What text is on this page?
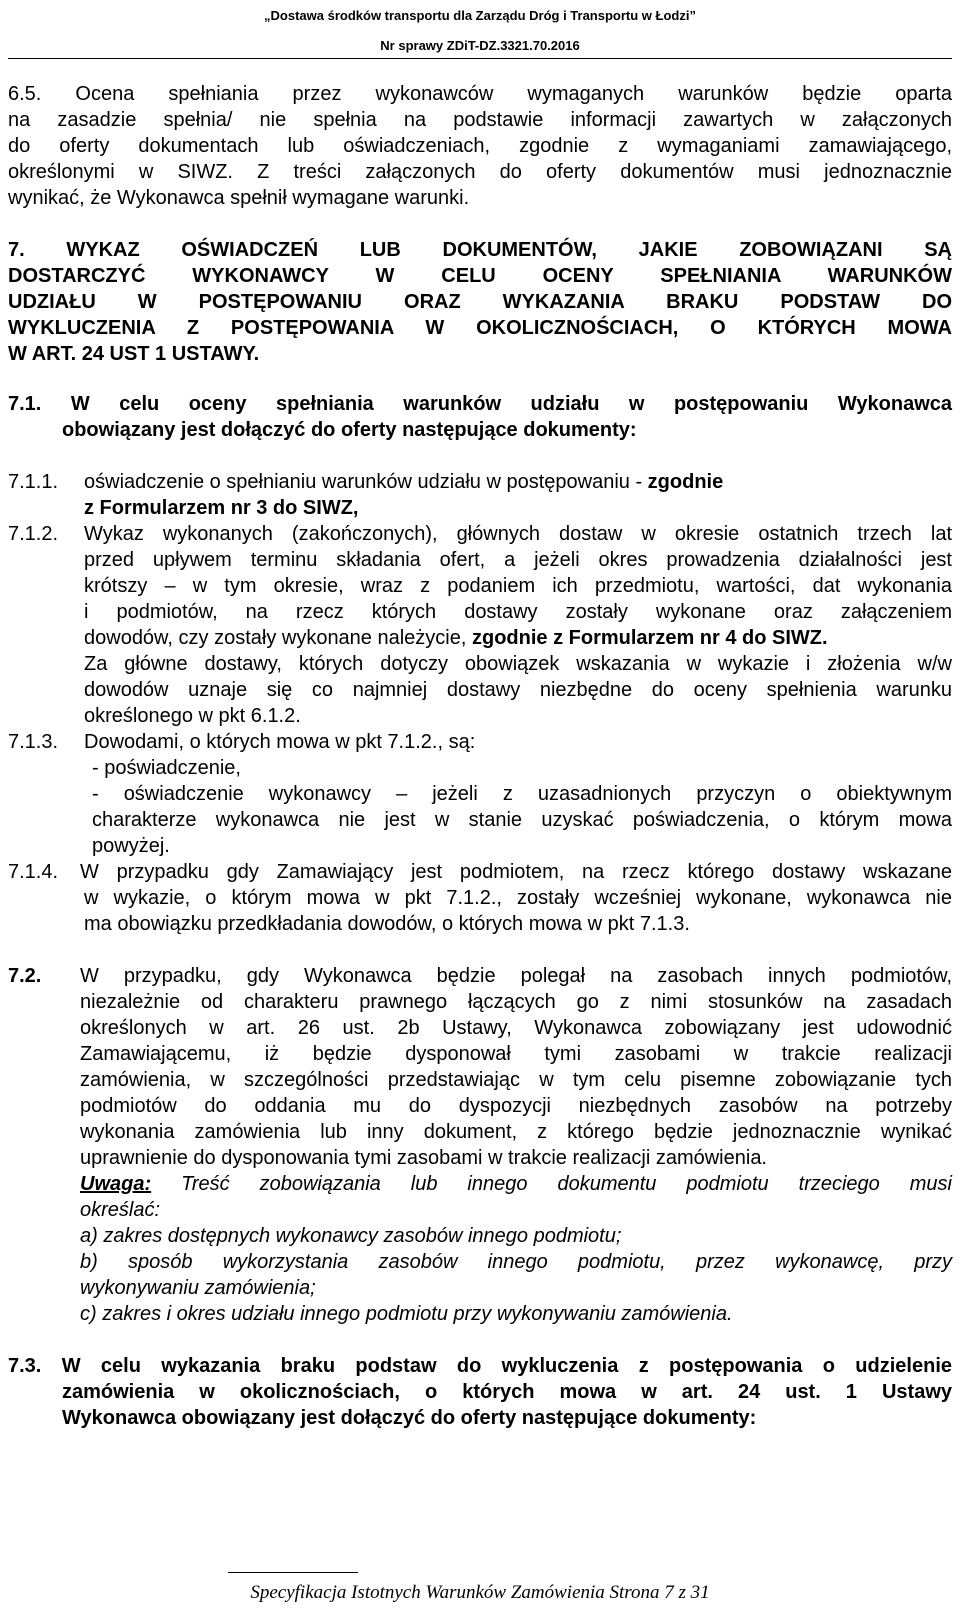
„Dostawa środków transportu dla Zarządu Dróg i Transportu w Łodzi”
Nr sprawy ZDiT-DZ.3321.70.2016
6.5. Ocena spełniania przez wykonawców wymaganych warunków będzie oparta
na zasadzie spełnia/ nie spełnia na podstawie informacji zawartych w załączonych
do oferty dokumentach lub oświadczeniach, zgodnie z wymaganiami zamawiającego,
określonymi w SIWZ. Z treści załączonych do oferty dokumentów musi jednoznacznie
wynikać, że Wykonawca spełnił wymagane warunki.
7. WYKAZ OŚWIADCZEŃ LUB DOKUMENTÓW, JAKIE ZOBOWIĄZANI SĄ
DOSTARCZYĆ WYKONAWCY W CELU OCENY SPEŁNIANIA WARUNKÓW
UDZIAŁU W POSTĘPOWANIU ORAZ WYKAZANIA BRAKU PODSTAW DO
WYKLUCZENIA Z POSTĘPOWANIA W OKOLICZNOŚCIACH, O KTÓRYCH MOWA
W ART. 24 UST 1 USTAWY.
7.1. W celu oceny spełniania warunków udziału w postępowaniu Wykonawca
obowiązany jest dołączyć do oferty następujące dokumenty:
7.1.1. oświadczenie o spełnianiu warunków udziału w postępowaniu - zgodnie
z Formularzem nr 3 do SIWZ,
7.1.2. Wykaz wykonanych (zakończonych), głównych dostaw w okresie ostatnich trzech lat
przed upływem terminu składania ofert, a jeżeli okres prowadzenia działalności jest
krótszy – w tym okresie, wraz z podaniem ich przedmiotu, wartości, dat wykonania
i podmiotów, na rzecz których dostawy zostały wykonane oraz załączeniem
dowodów, czy zostały wykonane należycie, zgodnie z Formularzem nr 4 do SIWZ.
Za główne dostawy, których dotyczy obowiązek wskazania w wykazie i złożenia w/w
dowodów uznaje się co najmniej dostawy niezbędne do oceny spełnienia warunku
określonego w pkt 6.1.2.
7.1.3. Dowodami, o których mowa w pkt 7.1.2., są:
- poświadczenie,
- oświadczenie wykonawcy – jeżeli z uzasadnionych przyczyn o obiektywnym
charakterze wykonawca nie jest w stanie uzyskać poświadczenia, o którym mowa
powyżej.
7.1.4. W przypadku gdy Zamawiający jest podmiotem, na rzecz którego dostawy wskazane
w wykazie, o którym mowa w pkt 7.1.2., zostały wcześniej wykonane, wykonawca nie
ma obowiązku przedkładania dowodów, o których mowa w pkt 7.1.3.
7.2. W przypadku, gdy Wykonawca będzie polegał na zasobach innych podmiotów,
niezależnie od charakteru prawnego łączących go z nimi stosunków na zasadach
określonych w art. 26 ust. 2b Ustawy, Wykonawca zobowiązany jest udowodnić
Zamawiającemu, iż będzie dysponował tymi zasobami w trakcie realizacji
zamówienia, w szczególności przedstawiając w tym celu pisemne zobowiązanie tych
podmiotów do oddania mu do dyspozycji niezbędnych zasobów na potrzeby
wykonania zamówienia lub inny dokument, z którego będzie jednoznacznie wynikać
uprawnienie do dysponowania tymi zasobami w trakcie realizacji zamówienia.
Uwaga: Treść zobowiązania lub innego dokumentu podmiotu trzeciego musi
określać:
a) zakres dostępnych wykonawcy zasobów innego podmiotu;
b) sposób wykorzystania zasobów innego podmiotu, przez wykonawcę, przy
wykonywaniu zamówienia;
c) zakres i okres udziału innego podmiotu przy wykonywaniu zamówienia.
7.3. W celu wykazania braku podstaw do wykluczenia z postępowania o udzielenie
zamówienia w okolicznościach, o których mowa w art. 24 ust. 1 Ustawy
Wykonawca obowiązany jest dołączyć do oferty następujące dokumenty:
Specyfikacja Istotnych Warunków Zamówienia Strona 7 z 31
